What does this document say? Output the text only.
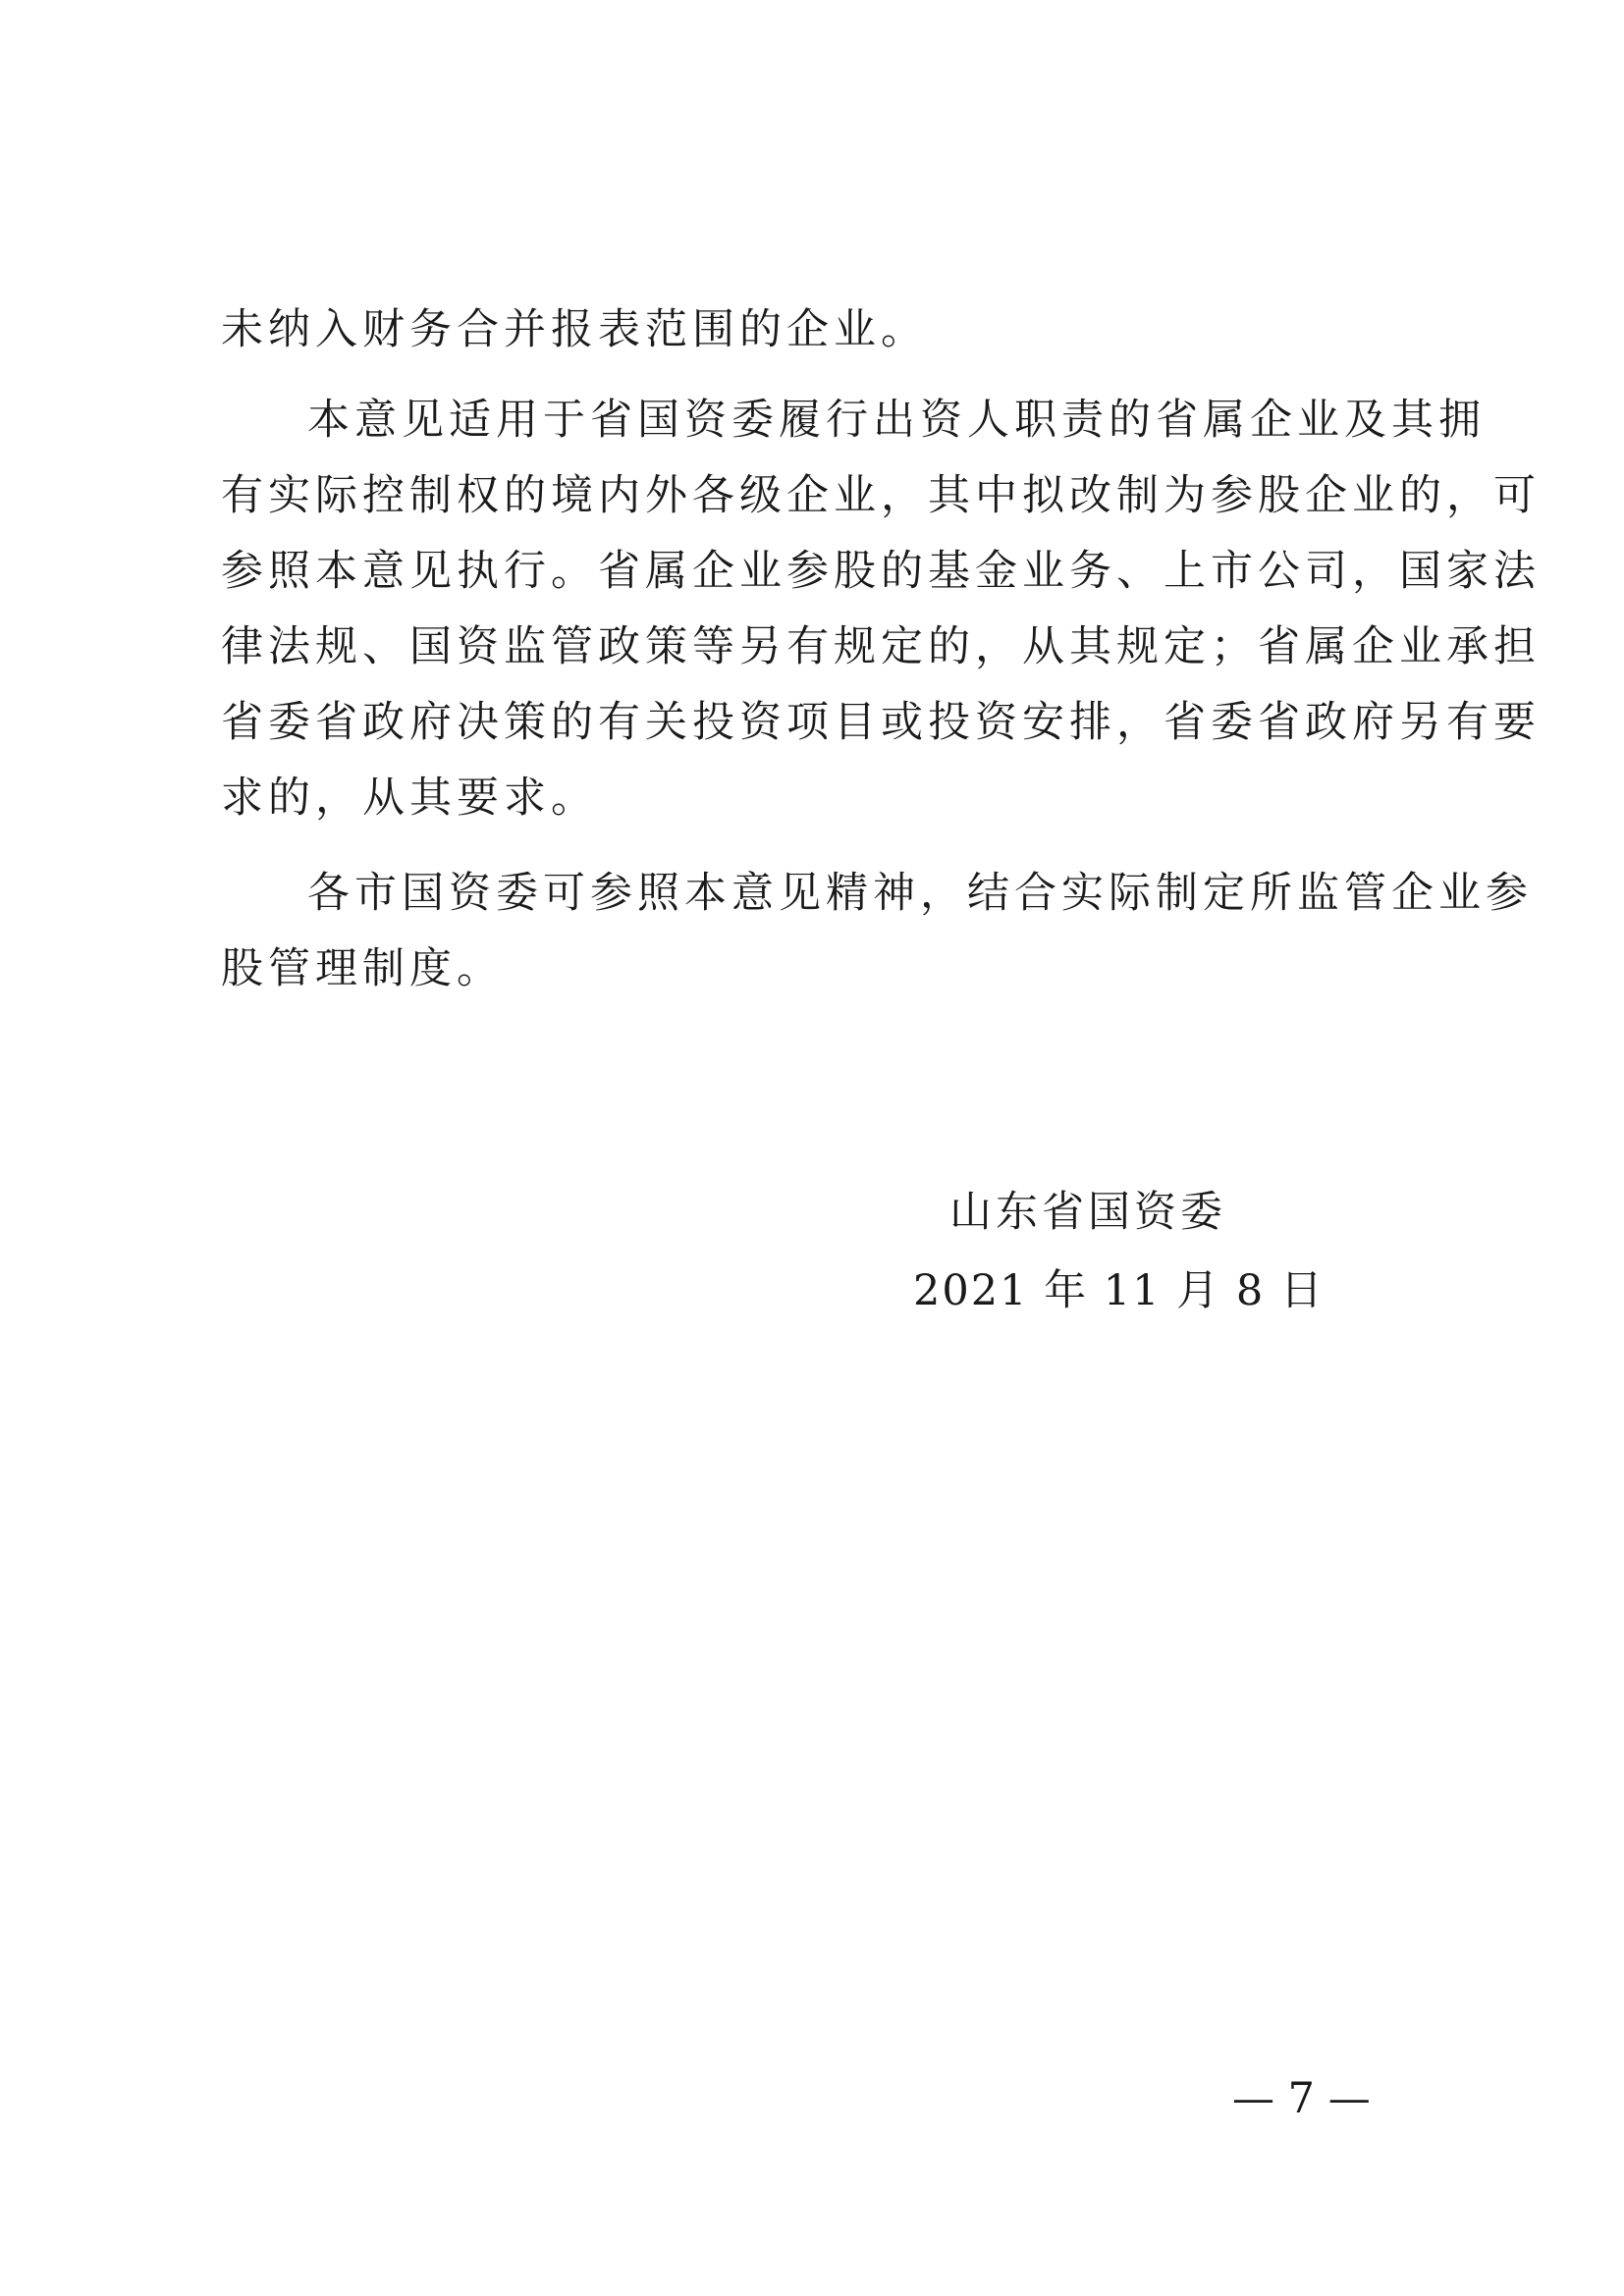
未纳入财务合并报表范围的企业。
本意见适用于省国资委履行出资人职责的省属企业及其拥
有实际控制权的境内外各级企业，其中拟改制为参股企业的，可
参照本意见执行。省属企业参股的基金业务、上市公司，国家法
律法规、国资监管政策等另有规定的，从其规定；省属企业承担
省委省政府决策的有关投资项目或投资安排，省委省政府另有要
求的，从其要求。
各市国资委可参照本意见精神，结合实际制定所监管企业参
股管理制度。
山东省国资委
2021 年 11 月 8 日
— 7 —
